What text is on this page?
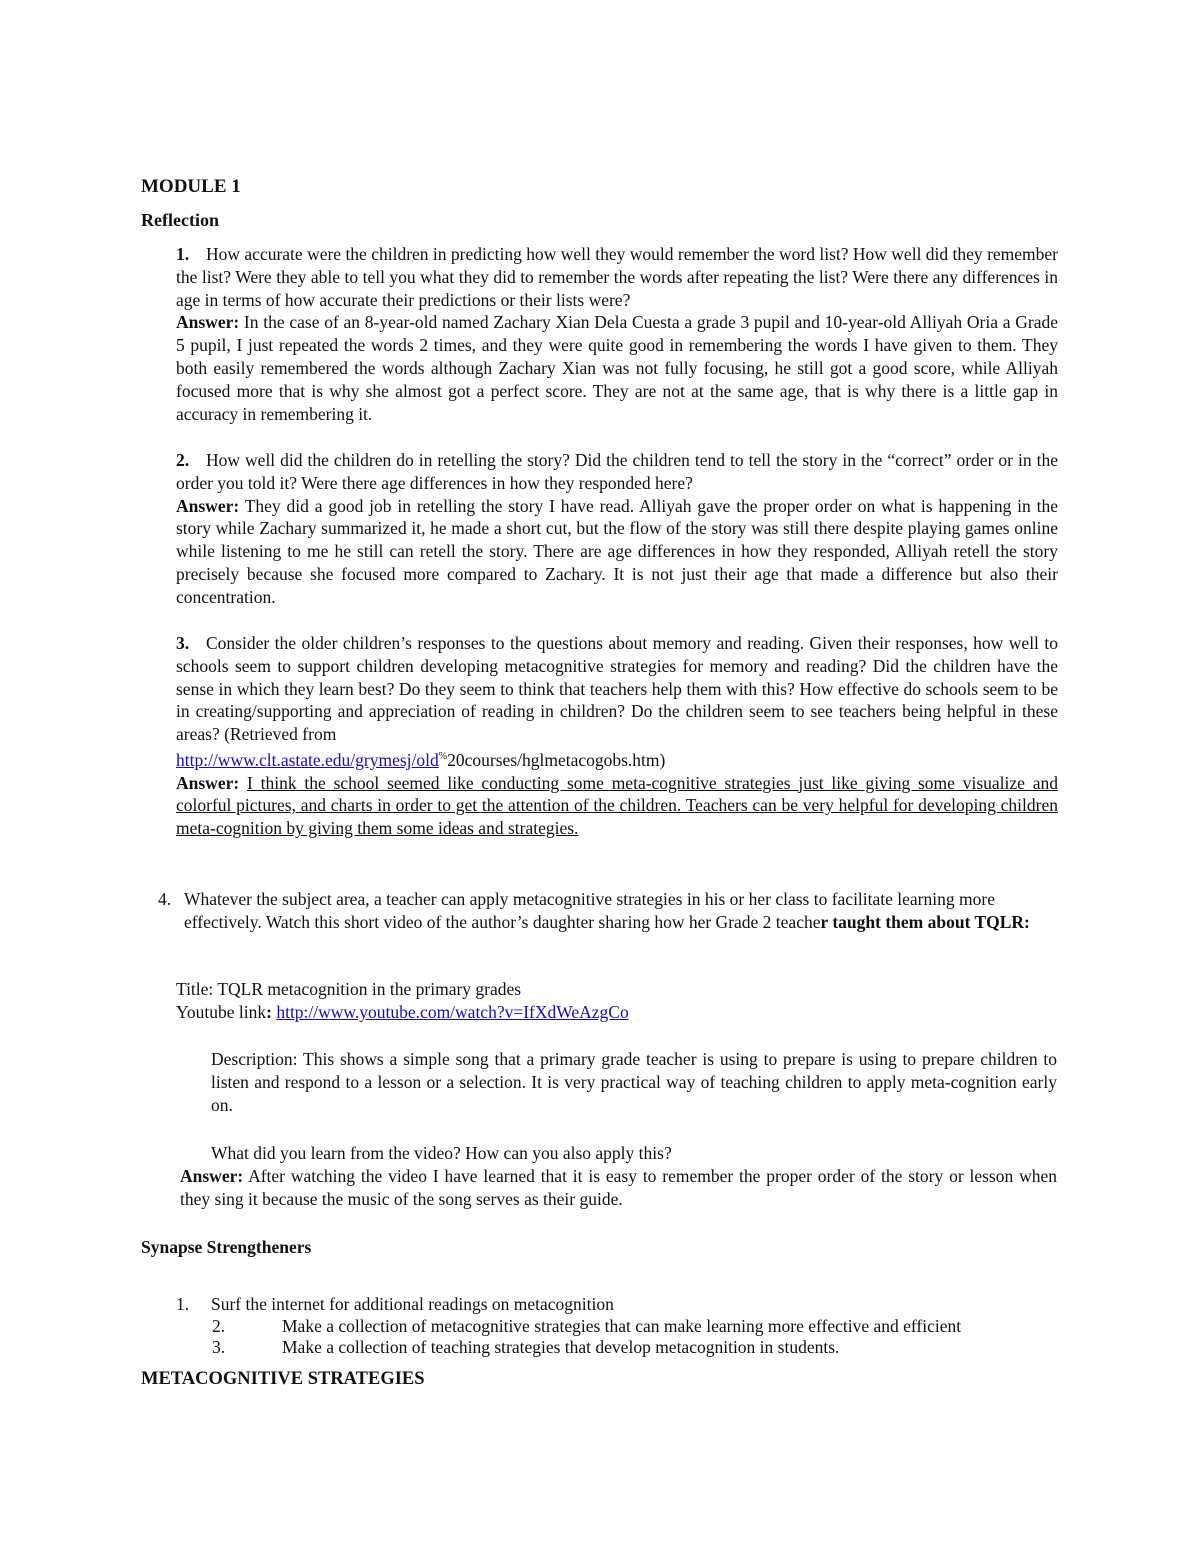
MODULE 1
Reflection
1. How accurate were the children in predicting how well they would remember the word list? How well did they remember the list? Were they able to tell you what they did to remember the words after repeating the list? Were there any differences in age in terms of how accurate their predictions or their lists were?
Answer: In the case of an 8-year-old named Zachary Xian Dela Cuesta a grade 3 pupil and 10-year-old Alliyah Oria a Grade 5 pupil, I just repeated the words 2 times, and they were quite good in remembering the words I have given to them. They both easily remembered the words although Zachary Xian was not fully focusing, he still got a good score, while Alliyah focused more that is why she almost got a perfect score. They are not at the same age, that is why there is a little gap in accuracy in remembering it.
2. How well did the children do in retelling the story? Did the children tend to tell the story in the “correct” order or in the order you told it? Were there age differences in how they responded here?
Answer: They did a good job in retelling the story I have read. Alliyah gave the proper order on what is happening in the story while Zachary summarized it, he made a short cut, but the flow of the story was still there despite playing games online while listening to me he still can retell the story. There are age differences in how they responded, Alliyah retell the story precisely because she focused more compared to Zachary. It is not just their age that made a difference but also their concentration.
3. Consider the older children’s responses to the questions about memory and reading. Given their responses, how well to schools seem to support children developing metacognitive strategies for memory and reading? Did the children have the sense in which they learn best? Do they seem to think that teachers help them with this? How effective do schools seem to be in creating/supporting and appreciation of reading in children? Do the children seem to see teachers being helpful in these areas? (Retrieved from
http://www.clt.astate.edu/grymesj/old%20courses/hglmetacogobs.htm)
Answer: I think the school seemed like conducting some meta-cognitive strategies just like giving some visualize and colorful pictures, and charts in order to get the attention of the children. Teachers can be very helpful for developing children meta-cognition by giving them some ideas and strategies.
4. Whatever the subject area, a teacher can apply metacognitive strategies in his or her class to facilitate learning more effectively. Watch this short video of the author’s daughter sharing how her Grade 2 teacher taught them about TQLR:
Title: TQLR metacognition in the primary grades
Youtube link: http://www.youtube.com/watch?v=IfXdWeAzgCo
Description: This shows a simple song that a primary grade teacher is using to prepare is using to prepare children to listen and respond to a lesson or a selection. It is very practical way of teaching children to apply meta-cognition early on.
What did you learn from the video? How can you also apply this?
Answer: After watching the video I have learned that it is easy to remember the proper order of the story or lesson when they sing it because the music of the song serves as their guide.
Synapse Strengtheners
1. Surf the internet for additional readings on metacognition
2.	Make a collection of metacognitive strategies that can make learning more effective and efficient
3.	Make a collection of teaching strategies that develop metacognition in students.
METACOGNITIVE STRATEGIES
